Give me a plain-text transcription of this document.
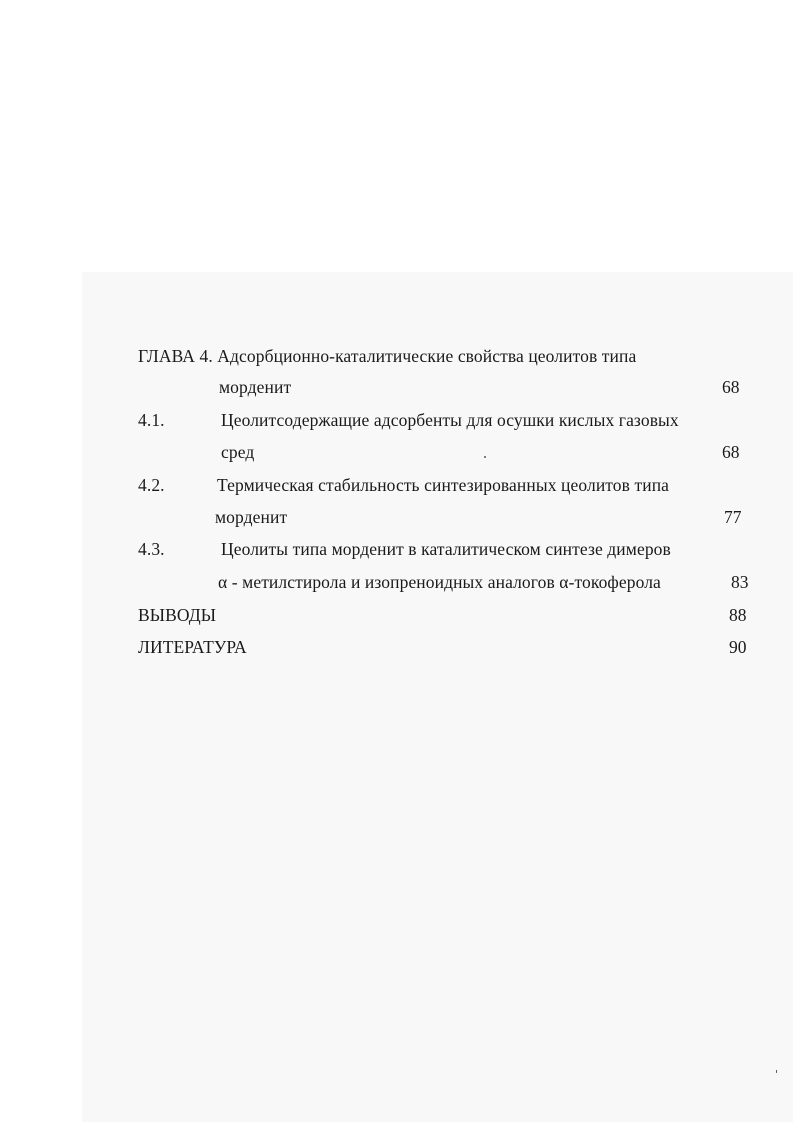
ГЛАВА 4. Адсорбционно-каталитические свойства цеолитов типа
морденит	68
4.1.	Цеолитсодержащие адсорбенты для осушки кислых газовых
сред	68
4.2.	Термическая стабильность синтезированных цеолитов типа
морденит	77
4.3.	Цеолиты типа морденит в каталитическом синтезе димеров
α - метилстирола и изопреноидных аналогов α-токоферола	83
ВЫВОДЫ	88
ЛИТЕРАТУРА	90
